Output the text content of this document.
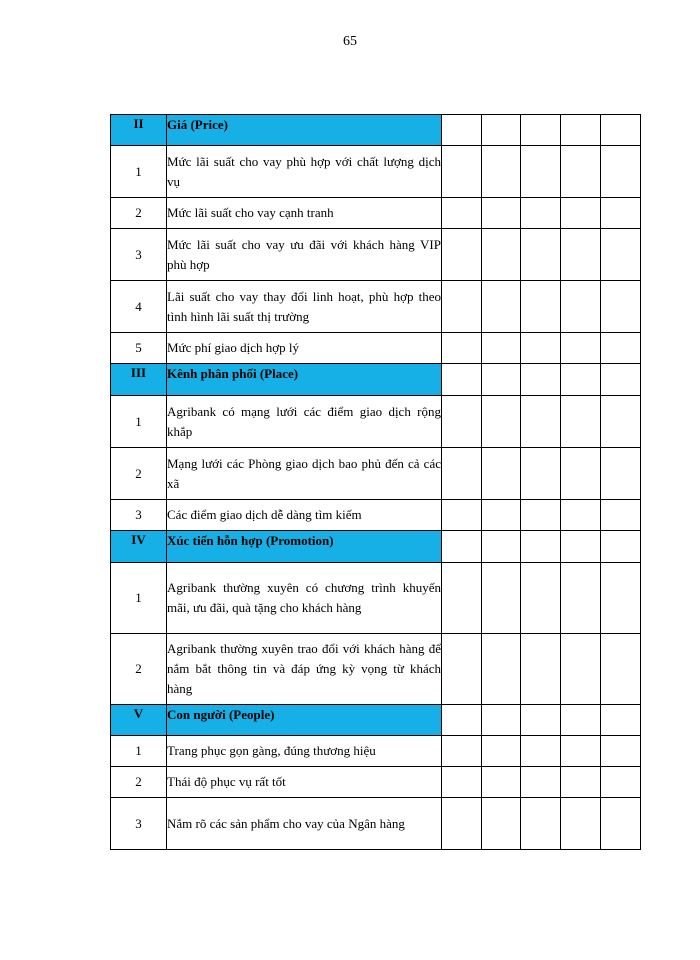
65
II	Giá (Price)					
1	Mức lãi suất cho vay phù hợp với chất lượng dịch vụ					
2	Mức lãi suất cho vay cạnh tranh					
3	Mức lãi suất cho vay ưu đãi với khách hàng VIP phù hợp					
4	Lãi suất cho vay thay đổi linh hoạt, phù hợp theo tình hình lãi suất thị trường					
5	Mức phí giao dịch hợp lý					
III	Kênh phân phối (Place)					
1	Agribank có mạng lưới các điểm giao dịch rộng khắp					
2	Mạng lưới các Phòng giao dịch bao phủ đến cả các xã					
3	Các điểm giao dịch dễ dàng tìm kiếm					
IV	Xúc tiến hỗn hợp (Promotion)					
1	Agribank thường xuyên có chương trình khuyến mãi, ưu đãi, quà tặng cho khách hàng					
2	Agribank thường xuyên trao đổi với khách hàng để nắm bắt thông tin và đáp ứng kỳ vọng từ khách hàng					
V	Con người (People)					
1	Trang phục gọn gàng, đúng thương hiệu					
2	Thái độ phục vụ rất tốt					
3	Nắm rõ các sản phẩm cho vay của Ngân hàng					
